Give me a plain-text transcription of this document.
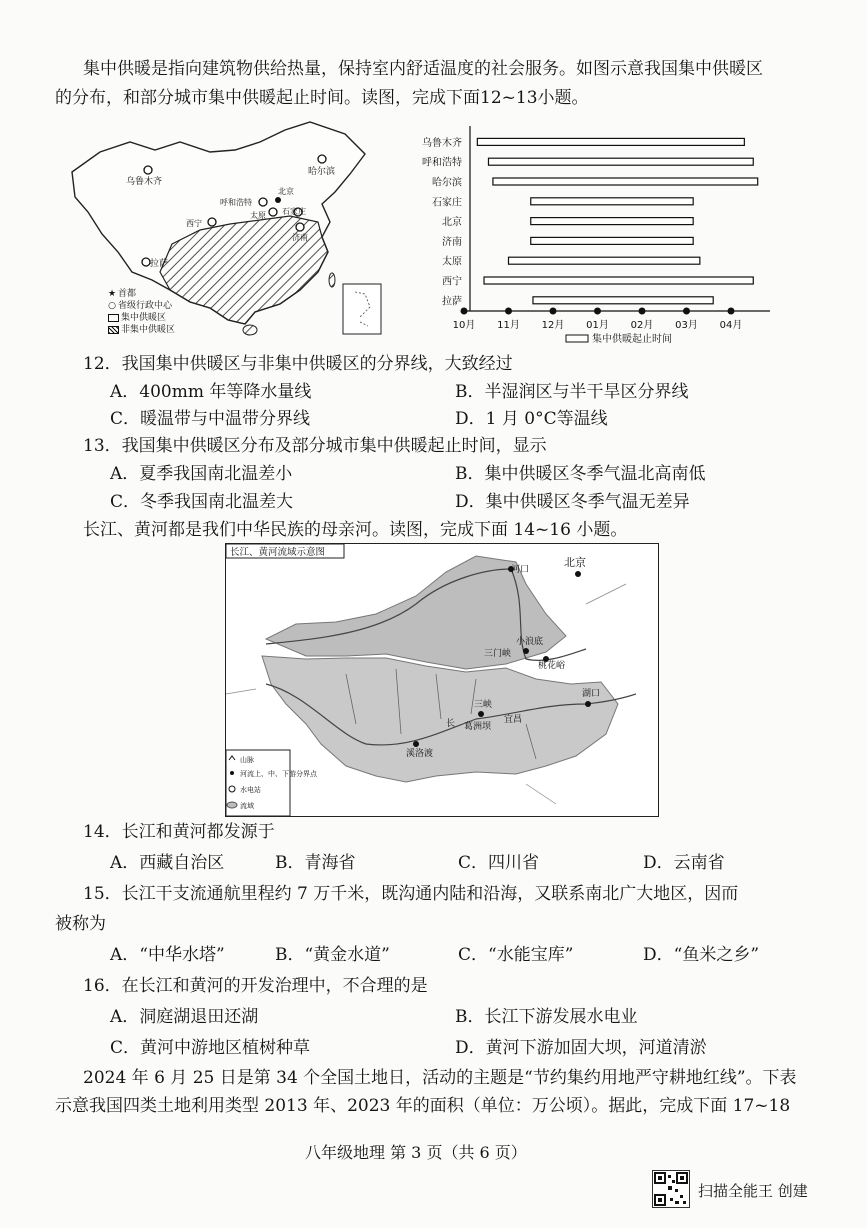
集中供暖是指向建筑物供给热量，保持室内舒适温度的社会服务。如图示意我国集中供暖区
的分布，和部分城市集中供暖起止时间。读图，完成下面12~13小题。
乌鲁木齐
哈尔滨
北京
呼和浩特
太原 石家庄
西宁
济南
拉萨
★ 首都
○ 省级行政中心
集中供暖区
非集中供暖区
乌鲁木齐
呼和浩特
哈尔滨
石家庄
北京
济南
太原
西宁
拉萨
10月 11月 12月 01月 02月 03月 04月
集中供暖起止时间
12．我国集中供暖区与非集中供暖区的分界线，大致经过
A．400mm 年等降水量线	B．半湿润区与半干旱区分界线
C．暖温带与中温带分界线	D．1 月 0°C等温线
13．我国集中供暖区分布及部分城市集中供暖起止时间，显示
A．夏季我国南北温差小	B．集中供暖区冬季气温北高南低
C．冬季我国南北温差大	D．集中供暖区冬季气温无差异
长江、黄河都是我们中华民族的母亲河。读图，完成下面 14~16 小题。
长江、黄河流域示意图
北京
河口
小浪底
三门峡
桃花峪
三峡
湖口
宜昌
葛洲坝
溪洛渡
长
山脉
河流上、中、下游分界点
水电站
流域
14．长江和黄河都发源于
A．西藏自治区	B．青海省	C．四川省	D．云南省
15．长江干支流通航里程约 7 万千米，既沟通内陆和沿海，又联系南北广大地区，因而
被称为
A．“中华水塔”	B．“黄金水道”	C．“水能宝库”	D．“鱼米之乡”
16．在长江和黄河的开发治理中，不合理的是
A．洞庭湖退田还湖	B．长江下游发展水电业
C．黄河中游地区植树种草	D．黄河下游加固大坝，河道清淤
2024 年 6 月 25 日是第 34 个全国土地日，活动的主题是“节约集约用地严守耕地红线”。下表
示意我国四类土地利用类型 2013 年、2023 年的面积（单位：万公顷）。据此，完成下面 17~18
八年级地理 第 3 页（共 6 页）
扫描全能王 创建
